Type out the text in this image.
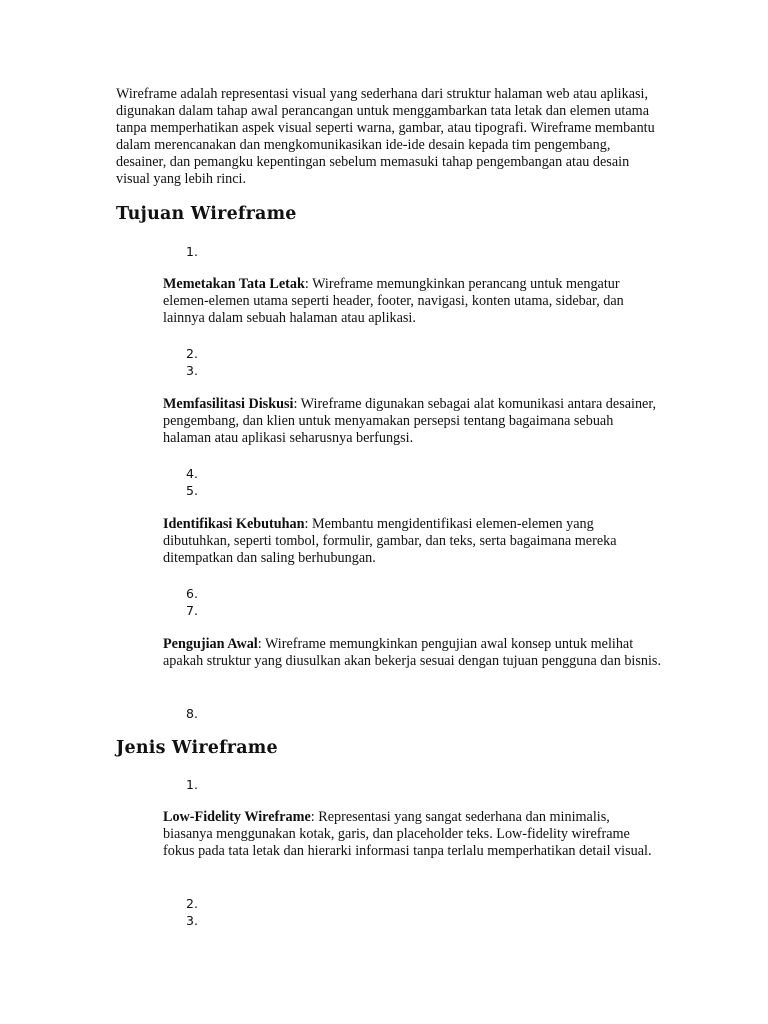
Wireframe adalah representasi visual yang sederhana dari struktur halaman web atau aplikasi, digunakan dalam tahap awal perancangan untuk menggambarkan tata letak dan elemen utama tanpa memperhatikan aspek visual seperti warna, gambar, atau tipografi. Wireframe membantu dalam merencanakan dan mengkomunikasikan ide-ide desain kepada tim pengembang, desainer, dan pemangku kepentingan sebelum memasuki tahap pengembangan atau desain visual yang lebih rinci.

Tujuan Wireframe
1.

Memetakan Tata Letak: Wireframe memungkinkan perancang untuk mengatur elemen-elemen utama seperti header, footer, navigasi, konten utama, sidebar, dan lainnya dalam sebuah halaman atau aplikasi.

2.
3.

Memfasilitasi Diskusi: Wireframe digunakan sebagai alat komunikasi antara desainer, pengembang, dan klien untuk menyamakan persepsi tentang bagaimana sebuah halaman atau aplikasi seharusnya berfungsi.

4.
5.

Identifikasi Kebutuhan: Membantu mengidentifikasi elemen-elemen yang dibutuhkan, seperti tombol, formulir, gambar, dan teks, serta bagaimana mereka ditempatkan dan saling berhubungan.

6.
7.

Pengujian Awal: Wireframe memungkinkan pengujian awal konsep untuk melihat apakah struktur yang diusulkan akan bekerja sesuai dengan tujuan pengguna dan bisnis.

8.
Jenis Wireframe
1.

Low-Fidelity Wireframe: Representasi yang sangat sederhana dan minimalis, biasanya menggunakan kotak, garis, dan placeholder teks. Low-fidelity wireframe fokus pada tata letak dan hierarki informasi tanpa terlalu memperhatikan detail visual.

2.
3.
